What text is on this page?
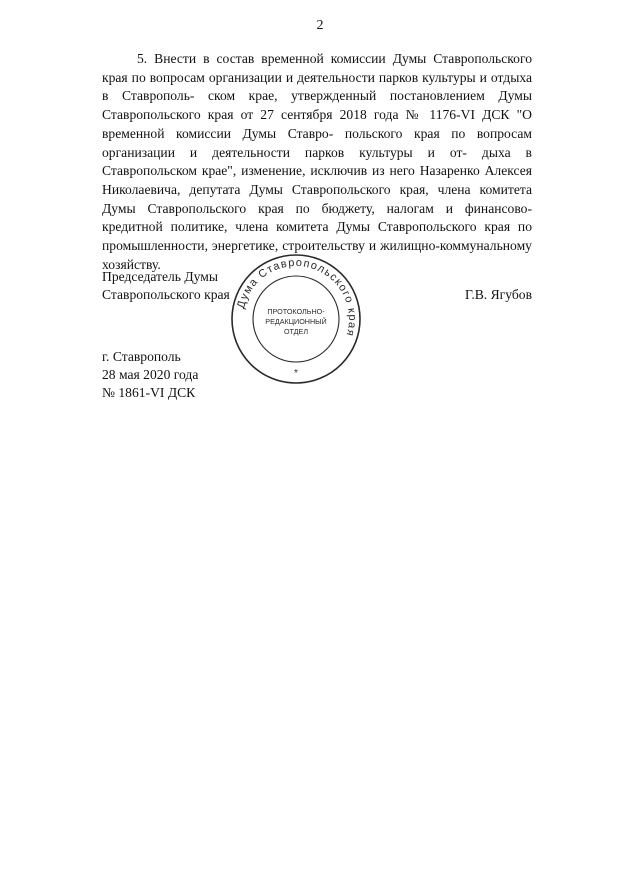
2
5. Внести в состав временной комиссии Думы Ставропольского края по вопросам организации и деятельности парков культуры и отдыха в Ставрополь- ском крае, утвержденный постановлением Думы Ставропольского края от 27 сентября 2018 года № 1176-VI ДСК "О временной комиссии Думы Ставро- польского края по вопросам организации и деятельности парков культуры и от- дыха в Ставропольском крае", изменение, исключив из него Назаренко Алексея Николаевича, депутата Думы Ставропольского края, члена комитета Думы Ставропольского края по бюджету, налогам и финансово-кредитной политике, члена комитета Думы Ставропольского края по промышленности, энергетике, строительству и жилищно-коммунальному хозяйству.
Председатель Думы
Ставропольского края	Г.В. Ягубов
Дума Ставропольского края
ПРОТОКОЛЬНО-
РЕДАКЦИОННЫЙ
ОТДЕЛ
*
г. Ставрополь
28 мая 2020 года
№ 1861-VI ДСК
